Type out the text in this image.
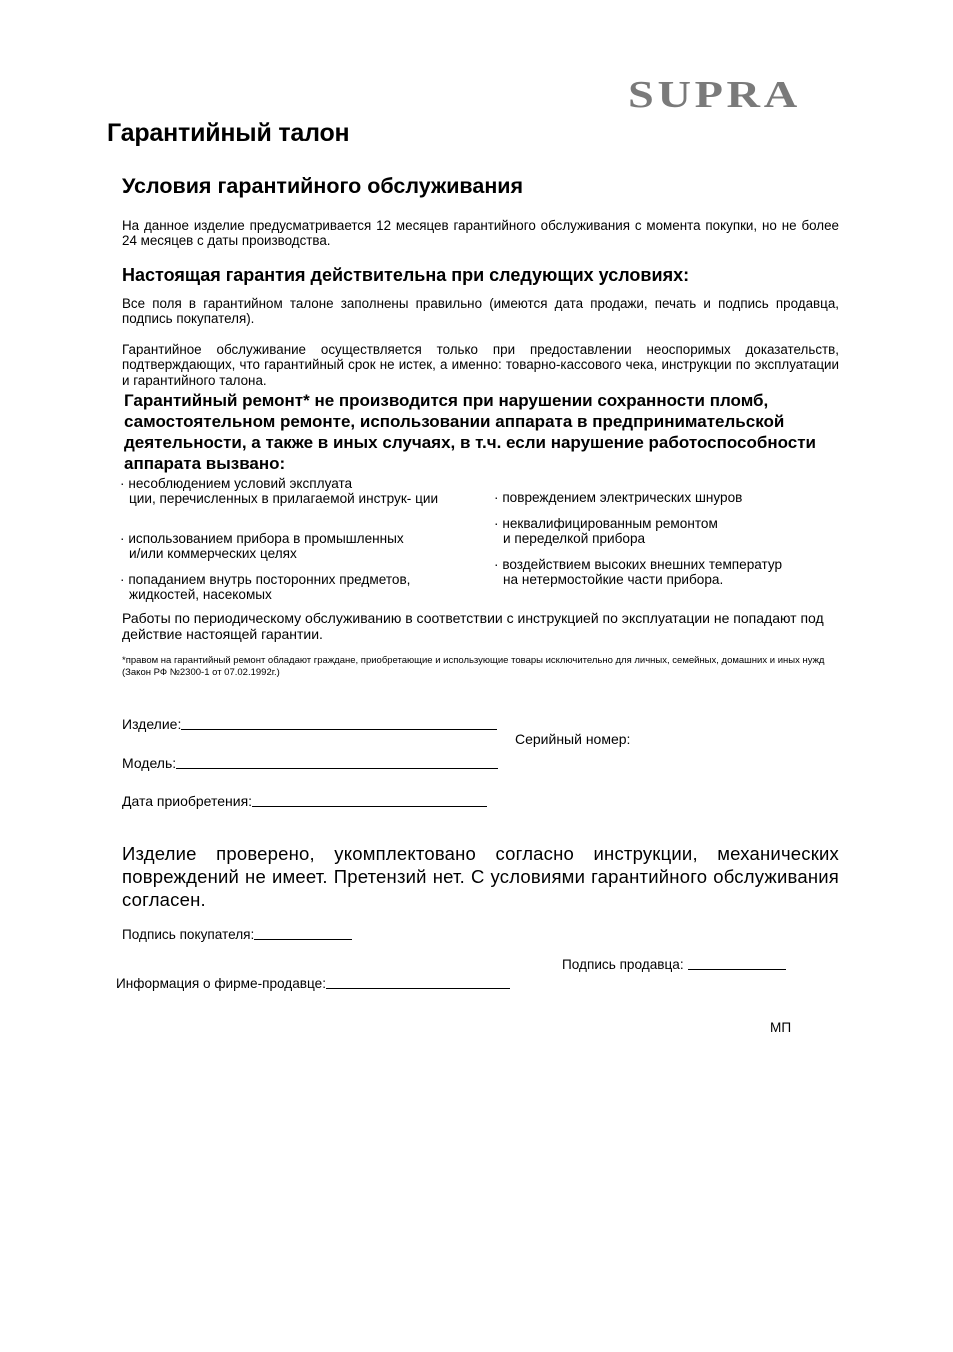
SUPRA
Гарантийный талон
Условия гарантийного обслуживания
На данное изделие предусматривается 12 месяцев гарантийного обслуживания с момента покупки, но не более 24 месяцев с даты производства.
Настоящая гарантия действительна при следующих условиях:
Все поля в гарантийном талоне заполнены правильно (имеются дата продажи, печать и подпись продавца, подпись покупателя).
Гарантийное обслуживание осуществляется только при предоставлении неоспоримых доказательств, подтверждающих, что гарантийный срок не истек, а именно: товарно-кассового чека, инструкции по эксплуатации и гарантийного талона.
Гарантийный ремонт* не производится при нарушении сохранности пломб, самостоятельном ремонте, использовании аппарата в предпринимательской деятельности, а также в иных случаях, в т.ч. если нарушение работоспособности аппарата вызвано:
· несоблюдением условий эксплуата
ции, перечисленных в прилагаемой инструк- ции
· использованием прибора в промышленных
и/или коммерческих целях
· попаданием внутрь посторонних предметов,
жидкостей, насекомых
· повреждением электрических шнуров
· неквалифицированным ремонтом
и переделкой прибора
· воздействием высоких внешних температур
на нетермостойкие части прибора.
Работы по периодическому обслуживанию в соответствии с инструкцией по эксплуатации не попадают под действие настоящей гарантии.
*правом на гарантийный ремонт обладают граждане, приобретающие и использующие товары исключительно для личных, семейных, домашних и иных нужд (Закон РФ №2300-1 от 07.02.1992г.)
Изделие:
Серийный номер:
Модель:
Дата приобретения:
Изделие проверено, укомплектовано согласно инструкции, механических повреждений не имеет. Претензий нет. С условиями гарантийного обслуживания согласен.
Подпись покупателя:
Подпись продавца:
Информация о фирме-продавце:
МП
